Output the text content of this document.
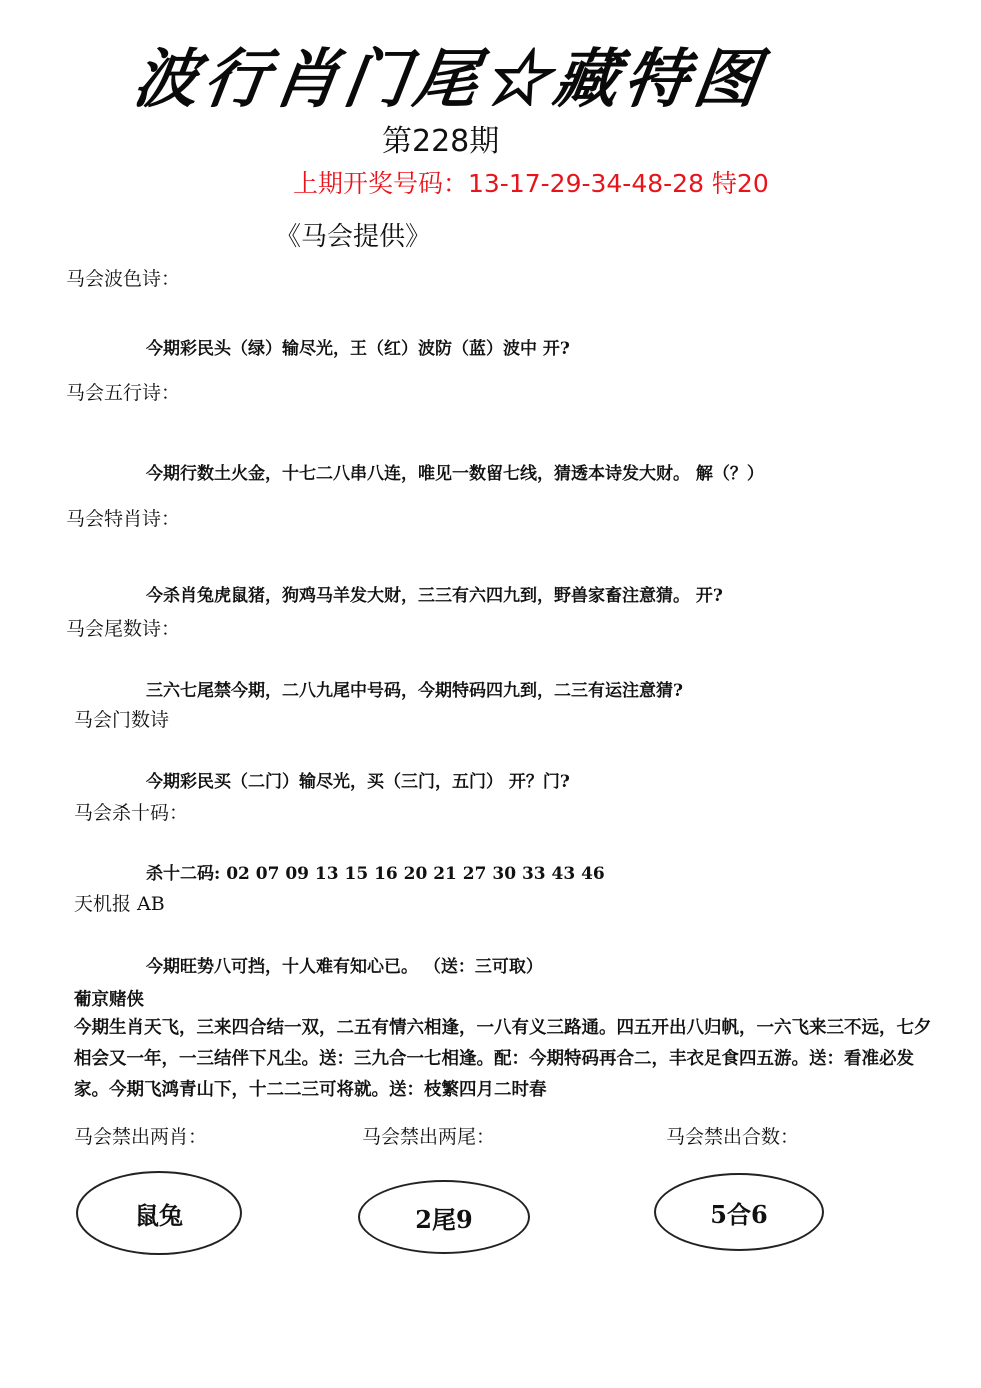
波行肖门尾☆藏特图
第228期
上期开奖号码：13-17-29-34-48-28 特20
《马会提供》
马会波色诗：
今期彩民头（绿）输尽光，王（红）波防（蓝）波中 开?
马会五行诗：
今期行数土火金，十七二八串八连，唯见一数留七线，猜透本诗发大财。 解（？）
马会特肖诗：
今杀肖兔虎鼠猪，狗鸡马羊发大财，三三有六四九到，野兽家畜注意猜。 开?
马会尾数诗：
三六七尾禁今期，二八九尾中号码，今期特码四九到，二三有运注意猜?
马会门数诗
今期彩民买（二门）输尽光，买（三门，五门） 开？门?
马会杀十码：
杀十二码: 02 07 09 13 15 16 20 21 27 30 33 43 46
天机报 AB
今期旺势八可挡，十人难有知心已。 （送：三可取）
葡京赌侠
今期生肖天飞，三来四合结一双，二五有情六相逢，一八有义三路通。四五开出八归帆，一六飞来三不远，七夕相会又一年，一三结伴下凡尘。送：三九合一七相逢。配：今期特码再合二，丰衣足食四五游。送：看准必发家。今期飞鸿青山下，十二二三可将就。送：枝繁四月二时春
马会禁出两肖：	马会禁出两尾：	马会禁出合数：
鼠兔	2尾9	5合6
